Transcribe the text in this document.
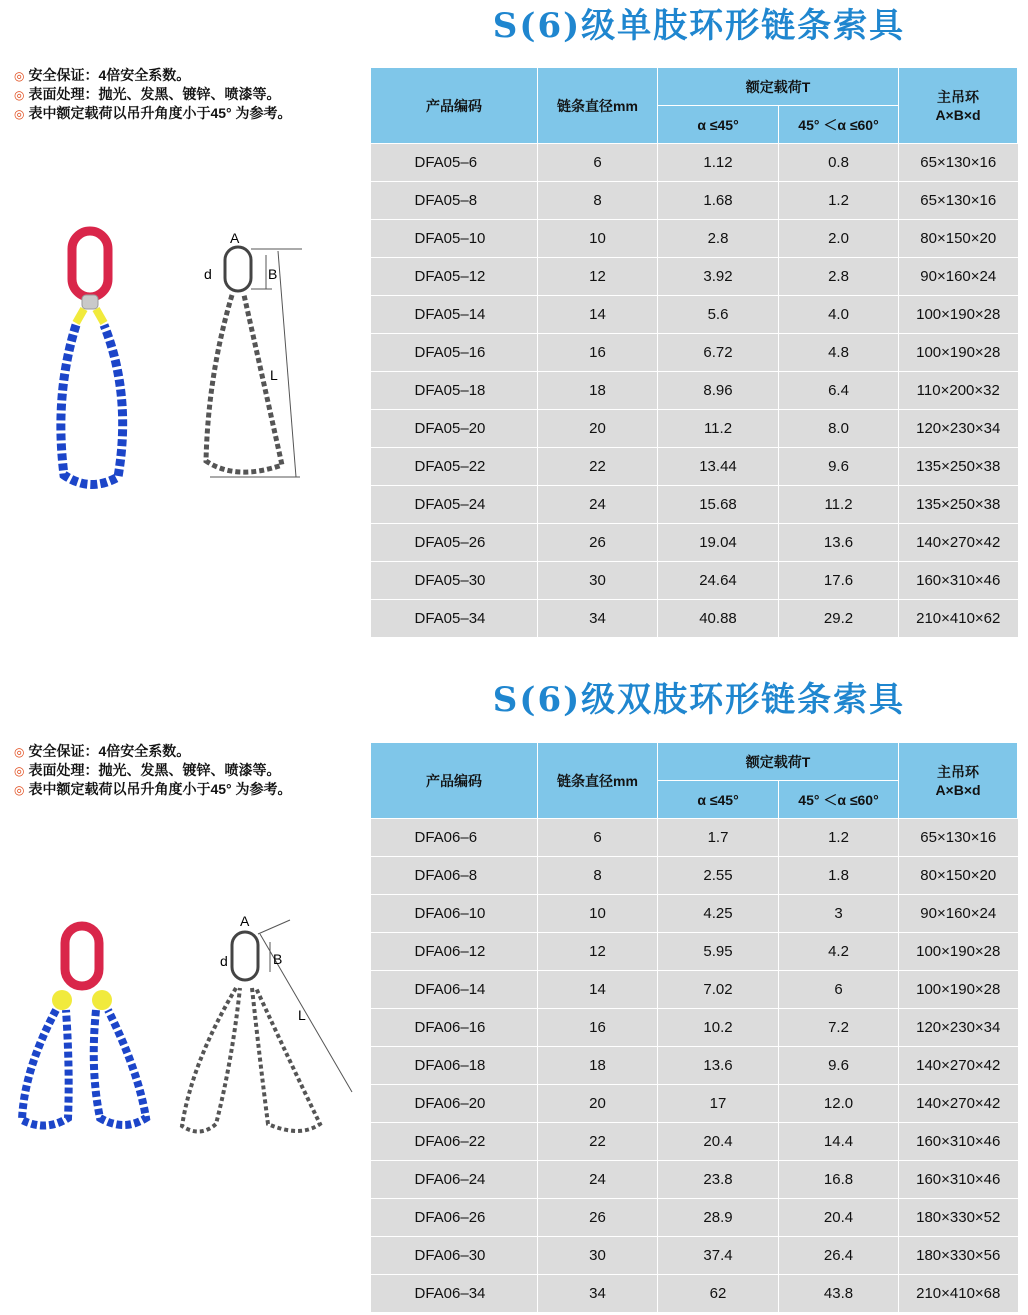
S(6)级单肢环形链条索具
◎ 安全保证：4倍安全系数。
◎ 表面处理：抛光、发黑、镀锌、喷漆等。
◎ 表中额定载荷以吊升角度小于45° 为参考。
A
d	B
L
产品编码	链条直径mm	额定载荷T		主吊环
A×B×d
		α ≤45°	45° ＜α ≤60°	
DFA05–6	6	1.12	0.8	65×130×16
DFA05–8	8	1.68	1.2	65×130×16
DFA05–10	10	2.8	2.0	80×150×20
DFA05–12	12	3.92	2.8	90×160×24
DFA05–14	14	5.6	4.0	100×190×28
DFA05–16	16	6.72	4.8	100×190×28
DFA05–18	18	8.96	6.4	110×200×32
DFA05–20	20	11.2	8.0	120×230×34
DFA05–22	22	13.44	9.6	135×250×38
DFA05–24	24	15.68	11.2	135×250×38
DFA05–26	26	19.04	13.6	140×270×42
DFA05–30	30	24.64	17.6	160×310×46
DFA05–34	34	40.88	29.2	210×410×62
S(6)级双肢环形链条索具
◎ 安全保证：4倍安全系数。
◎ 表面处理：抛光、发黑、镀锌、喷漆等。
◎ 表中额定载荷以吊升角度小于45° 为参考。
A
d	B
L
产品编码	链条直径mm	额定载荷T		主吊环
A×B×d
		α ≤45°	45° ＜α ≤60°	
DFA06–6	6	1.7	1.2	65×130×16
DFA06–8	8	2.55	1.8	80×150×20
DFA06–10	10	4.25	3	90×160×24
DFA06–12	12	5.95	4.2	100×190×28
DFA06–14	14	7.02	6	100×190×28
DFA06–16	16	10.2	7.2	120×230×34
DFA06–18	18	13.6	9.6	140×270×42
DFA06–20	20	17	12.0	140×270×42
DFA06–22	22	20.4	14.4	160×310×46
DFA06–24	24	23.8	16.8	160×310×46
DFA06–26	26	28.9	20.4	180×330×52
DFA06–30	30	37.4	26.4	180×330×56
DFA06–34	34	62	43.8	210×410×68
